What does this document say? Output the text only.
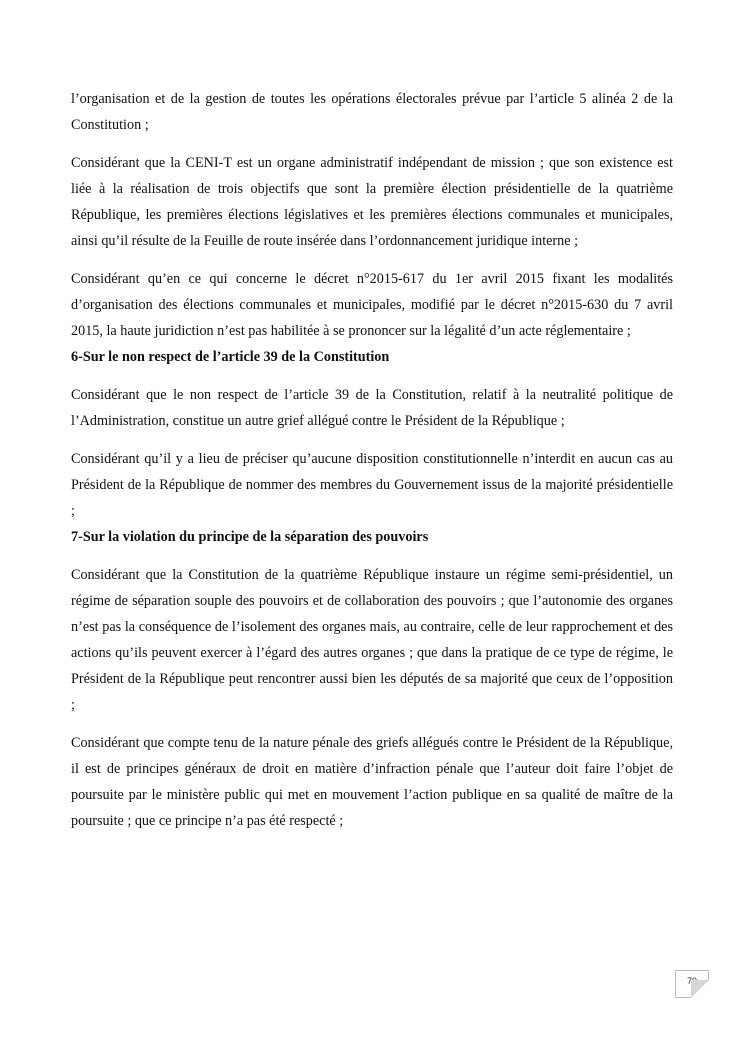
l’organisation et de la gestion de toutes les opérations électorales prévue par l’article 5 alinéa 2 de la Constitution ;

Considérant que la CENI-T est un organe administratif indépendant de mission ; que son existence est liée à la réalisation de trois objectifs que sont la première élection présidentielle de la quatrième République, les premières élections législatives et les premières élections communales et municipales, ainsi qu’il résulte de la Feuille de route insérée dans l’ordonnancement juridique interne ;

Considérant qu’en ce qui concerne le décret n°2015-617 du 1er avril 2015 fixant les modalités d’organisation des élections communales et municipales, modifié par le décret n°2015-630 du 7 avril 2015, la haute juridiction n’est pas habilitée à se prononcer sur la légalité d’un acte réglementaire ;

6-Sur le non respect de l’article 39 de la Constitution

Considérant que le non respect de l’article 39 de la Constitution, relatif à la neutralité politique de l’Administration, constitue un autre grief allégué contre le Président de la République ;

Considérant qu’il y a lieu de préciser qu’aucune disposition constitutionnelle n’interdit en aucun cas au Président de la République de nommer des membres du Gouvernement issus de la majorité présidentielle ;

7-Sur la violation du principe de la séparation des pouvoirs

Considérant que la Constitution de la quatrième République instaure un régime semi-présidentiel, un régime de séparation souple des pouvoirs et de collaboration des pouvoirs ; que l’autonomie des organes n’est pas la conséquence de l’isolement des organes mais, au contraire, celle de leur rapprochement et des actions qu’ils peuvent exercer à l’égard des autres organes ; que dans la pratique de ce type de régime, le Président de la République peut rencontrer aussi bien les députés de sa majorité que ceux de l’opposition ;

Considérant que compte tenu de la nature pénale des griefs allégués contre le Président de la République, il est de principes généraux de droit en matière d’infraction pénale que l’auteur doit faire l’objet de poursuite par le ministère public qui met en mouvement l’action publique en sa qualité de maître de la poursuite ; que ce principe n’a pas été respecté ;

79
